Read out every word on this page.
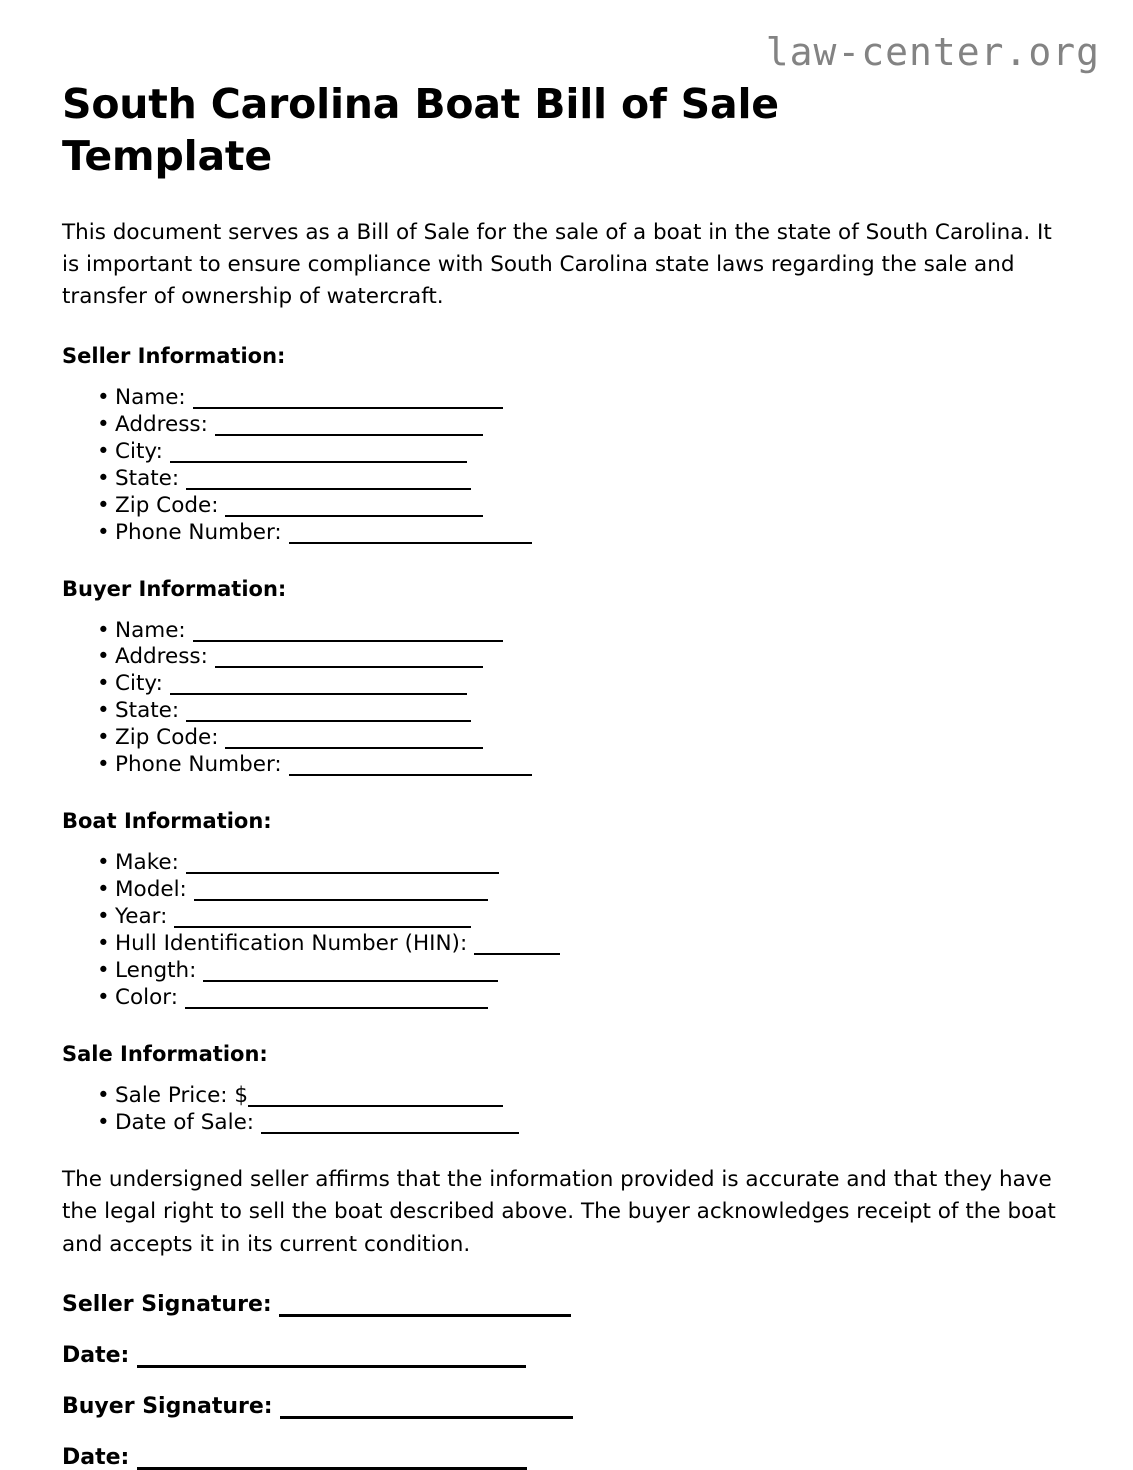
law-center.org
South Carolina Boat Bill of Sale Template

This document serves as a Bill of Sale for the sale of a boat in the state of South Carolina. It is important to ensure compliance with South Carolina state laws regarding the sale and transfer of ownership of watercraft.

Seller Information:
• Name:
• Address:
• City:
• State:
• Zip Code:
• Phone Number:
Buyer Information:
• Name:
• Address:
• City:
• State:
• Zip Code:
• Phone Number:
Boat Information:
• Make:
• Model:
• Year:
• Hull Identification Number (HIN):
• Length:
• Color:
Sale Information:
• Sale Price: $
• Date of Sale:

The undersigned seller affirms that the information provided is accurate and that they have the legal right to sell the boat described above. The buyer acknowledges receipt of the boat and accepts it in its current condition.

Seller Signature:
Date:
Buyer Signature:
Date:
